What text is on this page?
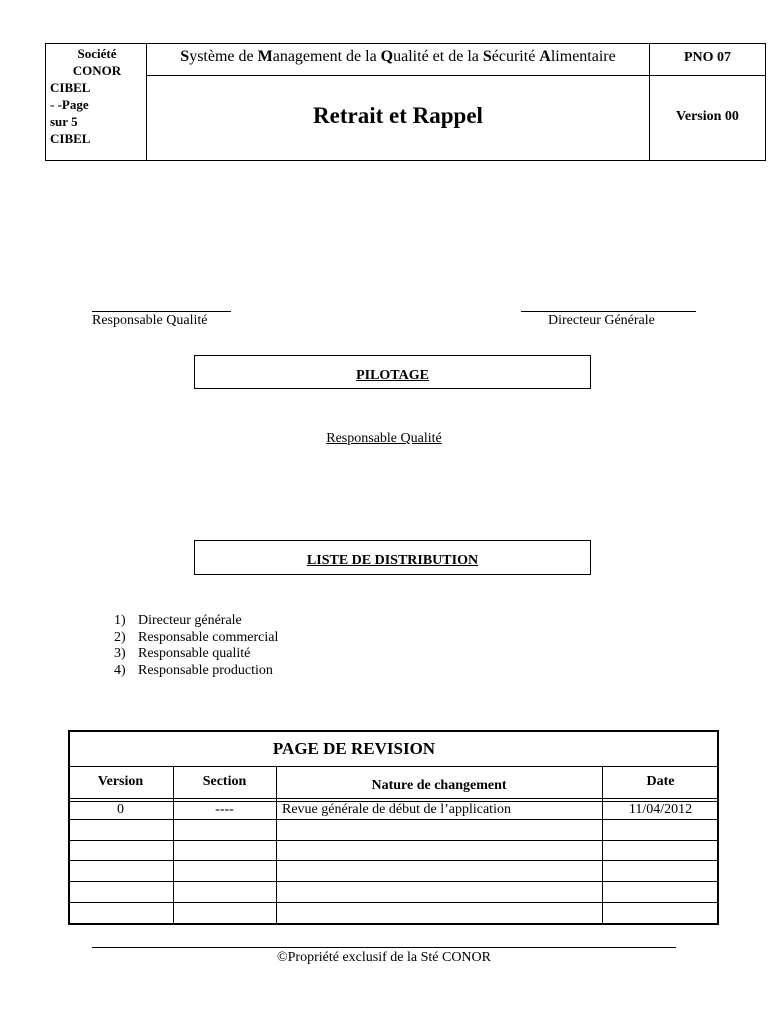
Société
CONOR
CIBEL
- -Page
sur 5
CIBEL
Système de Management de la Qualité et de la Sécurité Alimentaire
Retrait et Rappel
PNO 07
Version 00
Responsable Qualité	Directeur Générale
PILOTAGE
Responsable Qualité
LISTE DE DISTRIBUTION
1) Directeur générale
2) Responsable commercial
3) Responsable qualité
4) Responsable production
PAGE DE REVISION
Version	Section	Nature de changement	Date
0	----	Revue générale de début de l’application	11/04/2012
©Propriété exclusif de la Sté CONOR
